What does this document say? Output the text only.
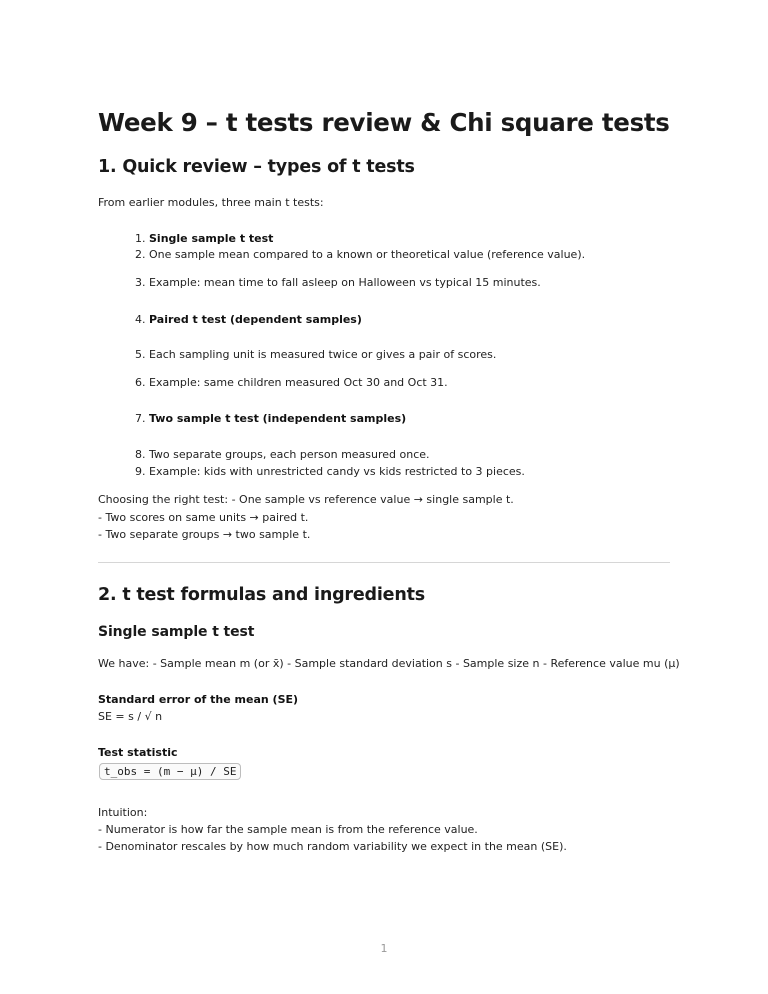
Week 9 – t tests review & Chi square tests
1. Quick review – types of t tests
From earlier modules, three main t tests:
1. Single sample t test
2. One sample mean compared to a known or theoretical value (reference value).
3. Example: mean time to fall asleep on Halloween vs typical 15 minutes.
4. Paired t test (dependent samples)
5. Each sampling unit is measured twice or gives a pair of scores.
6. Example: same children measured Oct 30 and Oct 31.
7. Two sample t test (independent samples)
8. Two separate groups, each person measured once.
9. Example: kids with unrestricted candy vs kids restricted to 3 pieces.
Choosing the right test: - One sample vs reference value → single sample t.
- Two scores on same units → paired t.
- Two separate groups → two sample t.
2. t test formulas and ingredients
Single sample t test
We have: - Sample mean m (or x̄) - Sample standard deviation s - Sample size n - Reference value mu (μ)
Standard error of the mean (SE)
SE = s / √ n
Test statistic
t_obs = (m − μ) / SE
Intuition:
- Numerator is how far the sample mean is from the reference value.
- Denominator rescales by how much random variability we expect in the mean (SE).
1
